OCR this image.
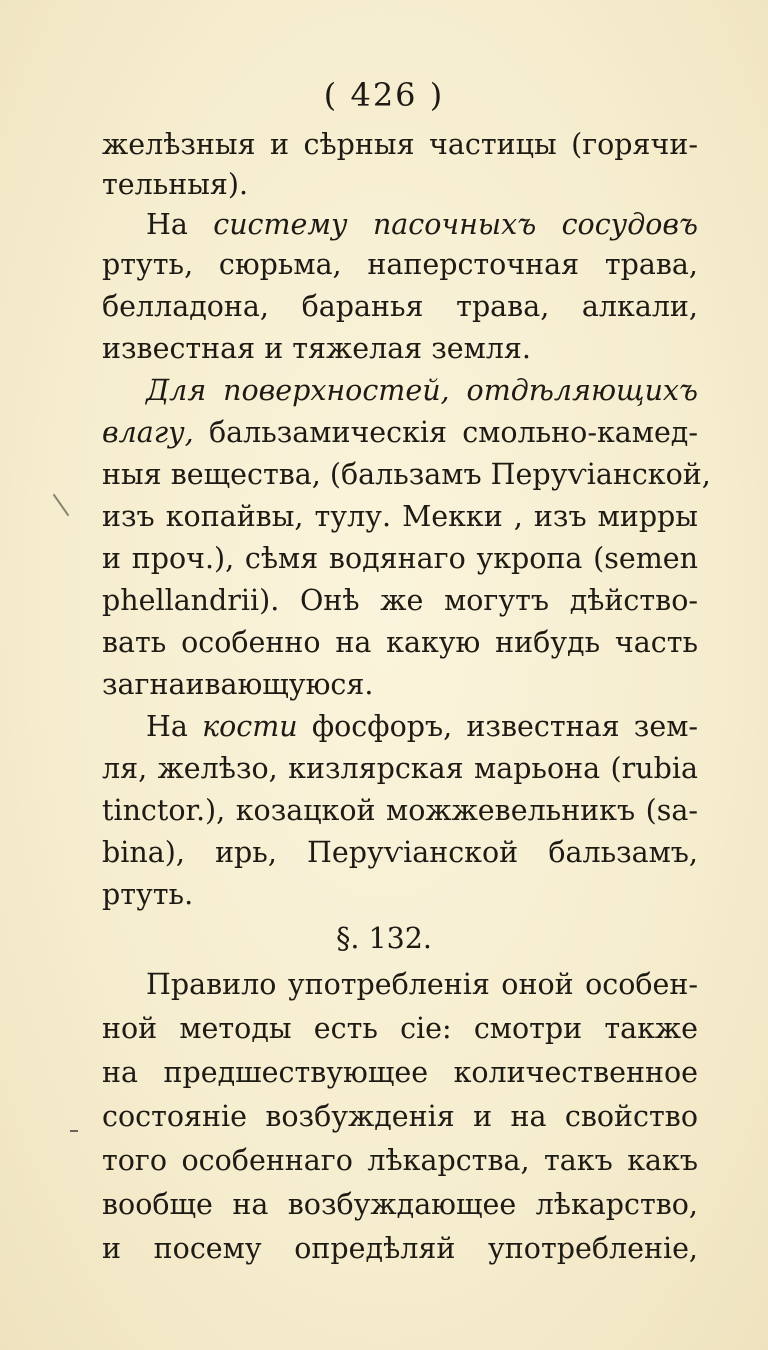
( 426 )
желѣзныя и сѣрныя частицы (горячи-
тельныя).
На систему пасочныхъ сосудовъ
ртуть, сюрьма, наперсточная трава,
белладона, баранья трава, алкали,
известная и тяжелая земля.
Для поверхностей, отдѣляющихъ
влагу, бальзамическія смольно-камед-
ныя вещества, (бальзамъ Перуѵіанской,
изъ копайвы, тулу. Мекки , изъ мирры
и проч.), сѣмя водянаго укропа (semen
phellandrii). Онѣ же могутъ дѣйство-
вать особенно на какую нибудь часть
загнаивающуюся.
На кости фосфоръ, известная зем-
ля, желѣзо, кизлярская марьона (rubia
tinctor.), козацкой можжевельникъ (sa-
bina), ирь, Перуѵіанской бальзамъ,
ртуть.
§. 132.
Правило употребленія оной особен-
ной методы есть сіе: смотри также
на предшествующее количественное
состояніе возбужденія и на свойство
того особеннаго лѣкарства, такъ какъ
вообще на возбуждающее лѣкарство,
и посему опредѣляй употребленіе,
